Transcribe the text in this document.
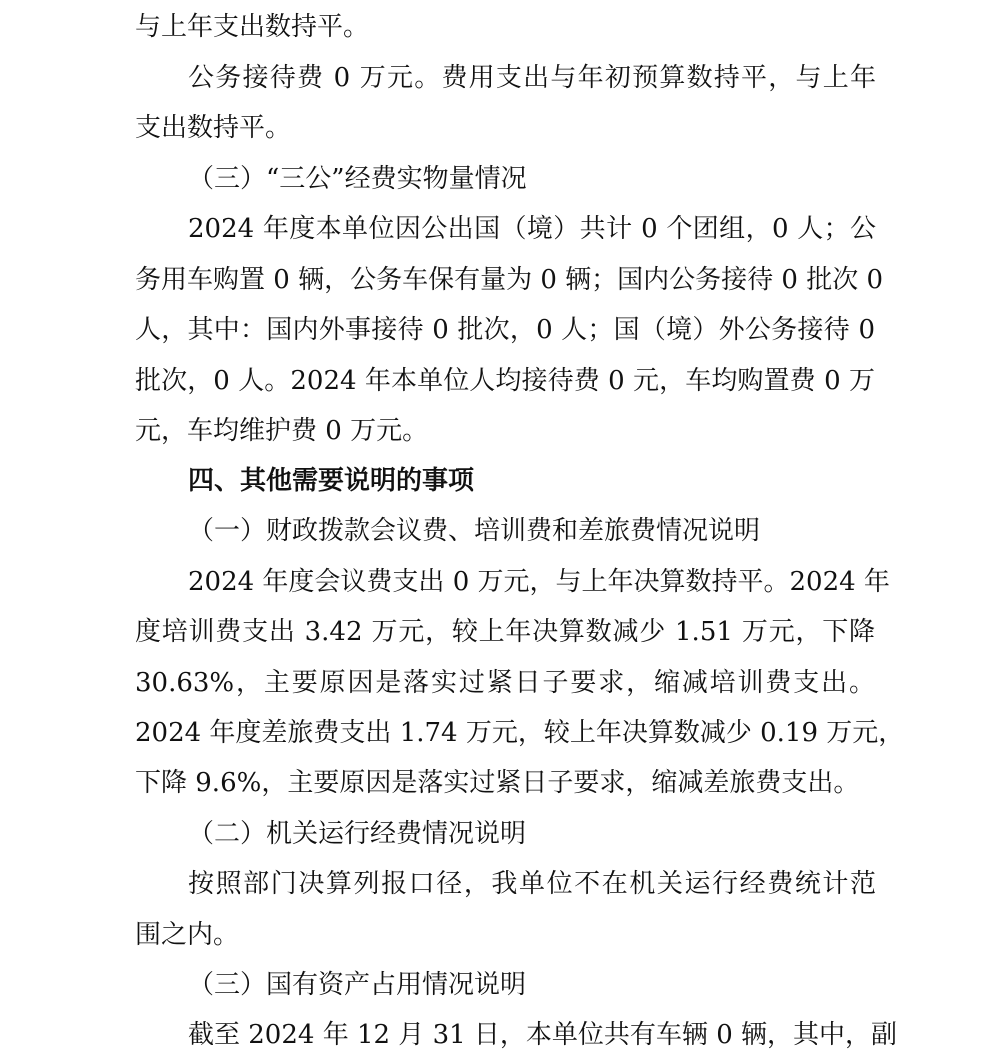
与上年支出数持平。
公务接待费 0 万元。费用支出与年初预算数持平，与上年
支出数持平。
（三）“三公”经费实物量情况
2024 年度本单位因公出国（境）共计 0 个团组，0 人；公
务用车购置 0 辆，公务车保有量为 0 辆；国内公务接待 0 批次 0
人，其中：国内外事接待 0 批次，0 人；国（境）外公务接待 0
批次，0 人。2024 年本单位人均接待费 0 元，车均购置费 0 万
元，车均维护费 0 万元。
四、其他需要说明的事项
（一）财政拨款会议费、培训费和差旅费情况说明
2024 年度会议费支出 0 万元，与上年决算数持平。2024 年
度培训费支出 3.42 万元，较上年决算数减少 1.51 万元，下降
30.63%，主要原因是落实过紧日子要求，缩减培训费支出。
2024 年度差旅费支出 1.74 万元，较上年决算数减少 0.19 万元，
下降 9.6%，主要原因是落实过紧日子要求，缩减差旅费支出。
（二）机关运行经费情况说明
按照部门决算列报口径，我单位不在机关运行经费统计范
围之内。
（三）国有资产占用情况说明
截至 2024 年 12 月 31 日，本单位共有车辆 0 辆，其中，副
